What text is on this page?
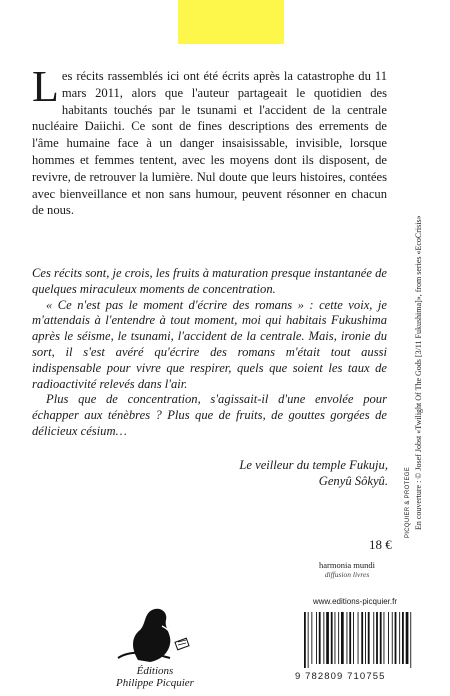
L es récits rassemblés ici ont été écrits après la catastrophe du 11 mars 2011, alors que l'auteur partageait le quotidien des habitants touchés par le tsunami et l'accident de la centrale nucléaire Daiichi. Ce sont de fines descriptions des errements de l'âme humaine face à un danger insaisissable, invisible, lorsque hommes et femmes tentent, avec les moyens dont ils disposent, de revivre, de retrouver la lumière. Nul doute que leurs histoires, contées avec bienveillance et non sans humour, peuvent résonner en chacun de nous.

Ces récits sont, je crois, les fruits à maturation presque instantanée de quelques miraculeux moments de concentration.

« Ce n'est pas le moment d'écrire des romans » : cette voix, je m'attendais à l'entendre à tout moment, moi qui habitais Fukushima après le séisme, le tsunami, l'accident de la centrale. Mais, ironie du sort, il s'est avéré qu'écrire des romans m'était tout aussi indispensable pour vivre que respirer, quels que soient les taux de radioactivité relevés dans l'air.

Plus que de concentration, s'agissait-il d'une envolée pour échapper aux ténèbres ? Plus que de fruits, de gouttes gorgées de délicieux césium…

Le veilleur du temple Fukuju,
Genyû Sôkyû.	En couverture : © Josef Jobst «Twilight Of The Gods [3/11 Fukushima]», from series «EcoCrisis»
18 €
harmonia mundi
diffusion livres
PICQUIER & PROTEGE
Éditions
Philippe Picquier
www.editions-picquier.fr
9 782809 710755
